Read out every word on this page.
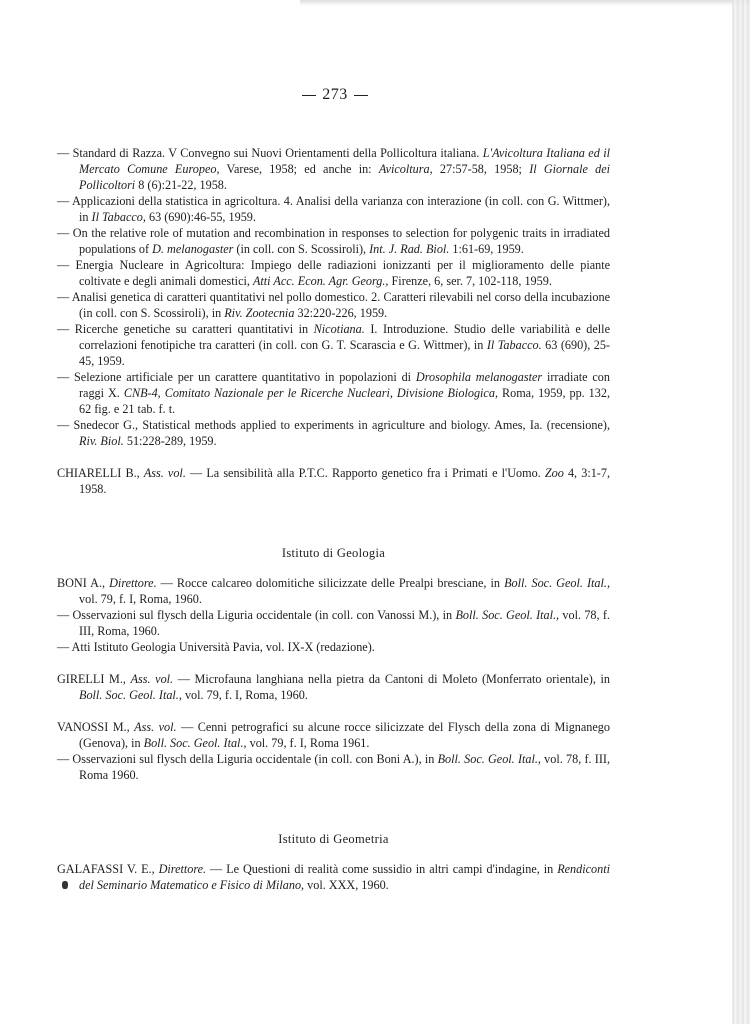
273

— Standard di Razza. V Convegno sui Nuovi Orientamenti della Pollicoltura italiana. L'Avicoltura Italiana ed il Mercato Comune Europeo, Varese, 1958; ed anche in: Avicoltura, 27:57-58, 1958; Il Giornale dei Pollicoltori 8 (6):21-22, 1958.

— Applicazioni della statistica in agricoltura. 4. Analisi della varianza con interazione (in coll. con G. Wittmer), in Il Tabacco, 63 (690):46-55, 1959.

— On the relative role of mutation and recombination in responses to selection for polygenic traits in irradiated populations of D. melanogaster (in coll. con S. Scossiroli), Int. J. Rad. Biol. 1:61-69, 1959.

— Energia Nucleare in Agricoltura: Impiego delle radiazioni ionizzanti per il miglioramento delle piante coltivate e degli animali domestici, Atti Acc. Econ. Agr. Georg., Firenze, 6, ser. 7, 102-118, 1959.

— Analisi genetica di caratteri quantitativi nel pollo domestico. 2. Caratteri rilevabili nel corso della incubazione (in coll. con S. Scossiroli), in Riv. Zootecnia 32:220-226, 1959.

— Ricerche genetiche su caratteri quantitativi in Nicotiana. I. Introduzione. Studio delle variabilità e delle correlazioni fenotipiche tra caratteri (in coll. con G. T. Scarascia e G. Wittmer), in Il Tabacco. 63 (690), 25-45, 1959.

— Selezione artificiale per un carattere quantitativo in popolazioni di Drosophila melanogaster irradiate con raggi X. CNB-4, Comitato Nazionale per le Ricerche Nucleari, Divisione Biologica, Roma, 1959, pp. 132, 62 fig. e 21 tab. f. t.

— Snedecor G., Statistical methods applied to experiments in agriculture and biology. Ames, Ia. (recensione), Riv. Biol. 51:228-289, 1959.

CHIARELLI B., Ass. vol. — La sensibilità alla P.T.C. Rapporto genetico fra i Primati e l'Uomo. Zoo 4, 3:1-7, 1958.

Istituto di Geologia

BONI A., Direttore. — Rocce calcareo dolomitiche silicizzate delle Prealpi bresciane, in Boll. Soc. Geol. Ital., vol. 79, f. I, Roma, 1960.

— Osservazioni sul flysch della Liguria occidentale (in coll. con Vanossi M.), in Boll. Soc. Geol. Ital., vol. 78, f. III, Roma, 1960.

— Atti Istituto Geologia Università Pavia, vol. IX-X (redazione).

GIRELLI M., Ass. vol. — Microfauna langhiana nella pietra da Cantoni di Moleto (Monferrato orientale), in Boll. Soc. Geol. Ital., vol. 79, f. I, Roma, 1960.

VANOSSI M., Ass. vol. — Cenni petrografici su alcune rocce silicizzate del Flysch della zona di Mignanego (Genova), in Boll. Soc. Geol. Ital., vol. 79, f. I, Roma 1961.

— Osservazioni sul flysch della Liguria occidentale (in coll. con Boni A.), in Boll. Soc. Geol. Ital., vol. 78, f. III, Roma 1960.

Istituto di Geometria

GALAFASSI V. E., Direttore. — Le Questioni di realità come sussidio in altri campi d'indagine, in Rendiconti del Seminario Matematico e Fisico di Milano, vol. XXX, 1960.
